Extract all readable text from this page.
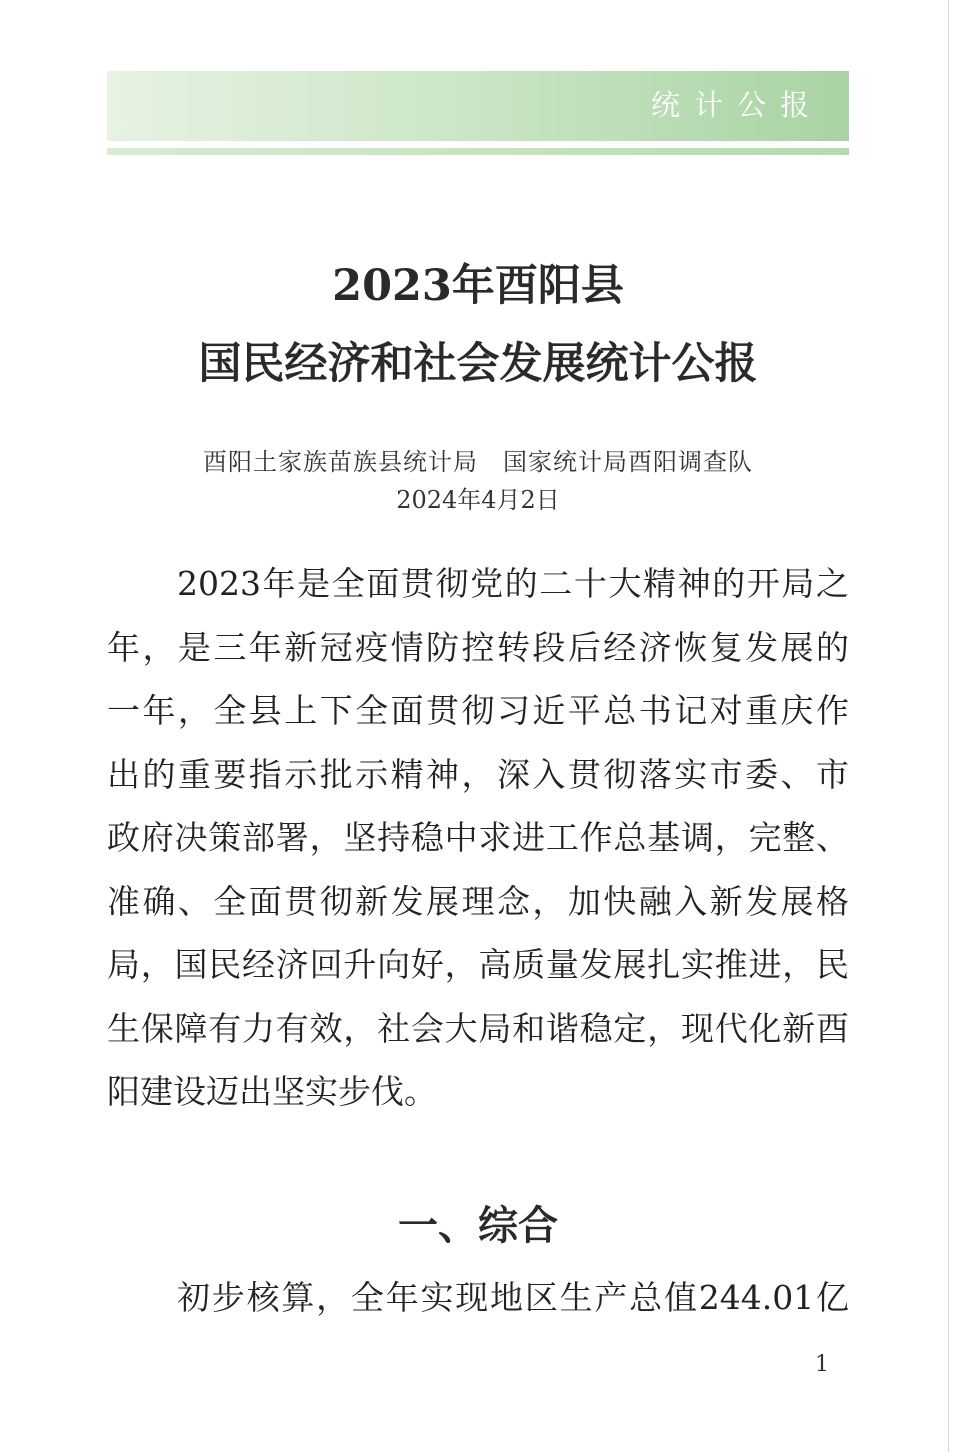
统计公报
2023年酉阳县
国民经济和社会发展统计公报
酉阳土家族苗族县统计局　国家统计局酉阳调查队
2024年4月2日
2023年是全面贯彻党的二十大精神的开局之
年，是三年新冠疫情防控转段后经济恢复发展的
一年，全县上下全面贯彻习近平总书记对重庆作
出的重要指示批示精神，深入贯彻落实市委、市
政府决策部署，坚持稳中求进工作总基调，完整、
准确、全面贯彻新发展理念，加快融入新发展格
局，国民经济回升向好，高质量发展扎实推进，民
生保障有力有效，社会大局和谐稳定，现代化新酉
阳建设迈出坚实步伐。
一、综合
初步核算，全年实现地区生产总值244.01亿
1
